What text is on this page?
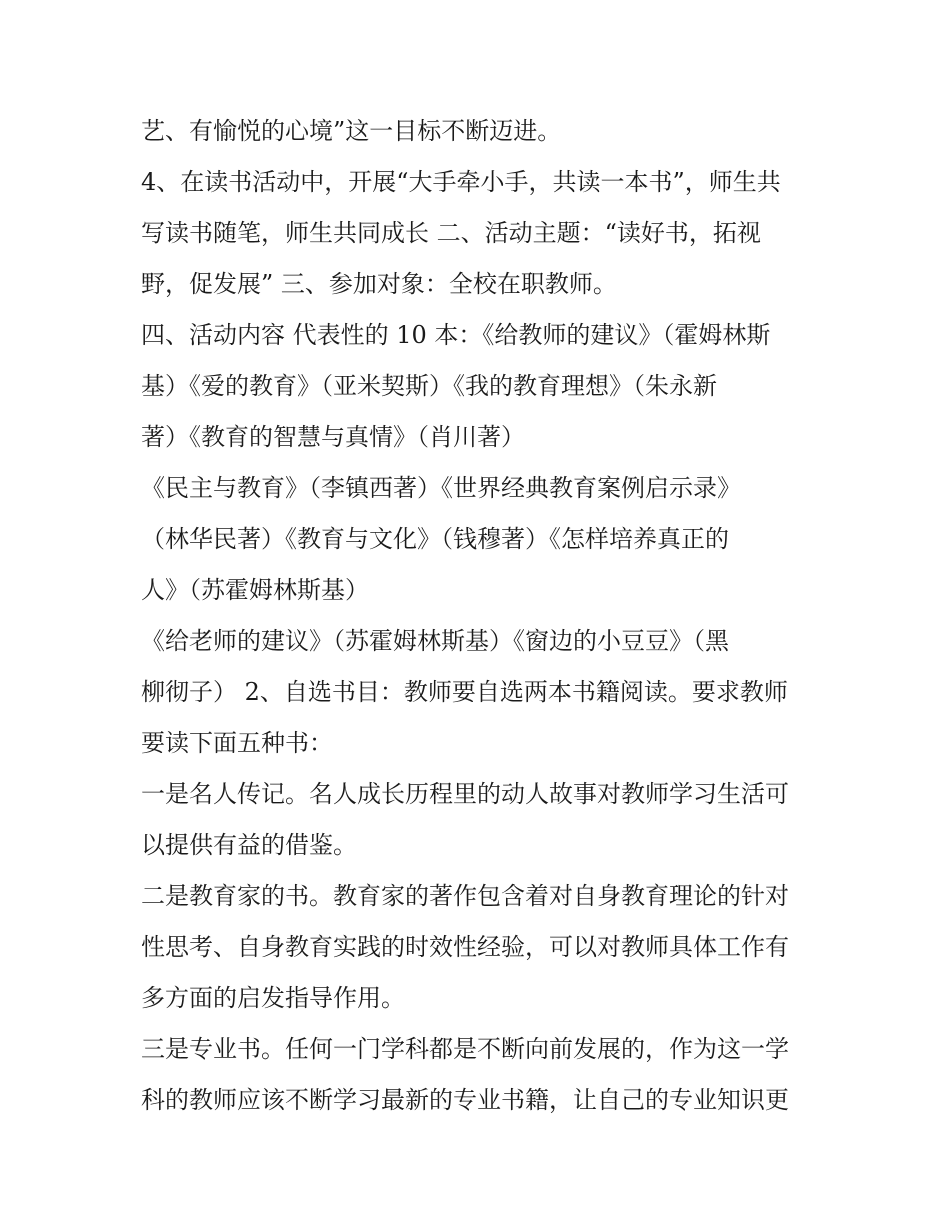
艺、有愉悦的心境”这一目标不断迈进。

4、在读书活动中，开展“大手牵小手，共读一本书”，师生共

写读书随笔，师生共同成长 二、活动主题：“读好书，拓视

野，促发展” 三、参加对象：全校在职教师。

四、活动内容 代表性的 10 本：《给教师的建议》（霍姆林斯

基）《爱的教育》（亚米契斯）《我的教育理想》（朱永新

著）《教育的智慧与真情》（肖川著）

《民主与教育》（李镇西著）《世界经典教育案例启示录》

（林华民著）《教育与文化》（钱穆著）《怎样培养真正的

人》（苏霍姆林斯基）

《给老师的建议》（苏霍姆林斯基）《窗边的小豆豆》（黑

柳彻子） 2、自选书目：教师要自选两本书籍阅读。要求教师

要读下面五种书：

一是名人传记。名人成长历程里的动人故事对教师学习生活可

以提供有益的借鉴。

二是教育家的书。教育家的著作包含着对自身教育理论的针对

性思考、自身教育实践的时效性经验，可以对教师具体工作有

多方面的启发指导作用。

三是专业书。任何一门学科都是不断向前发展的，作为这一学

科的教师应该不断学习最新的专业书籍，让自己的专业知识更
